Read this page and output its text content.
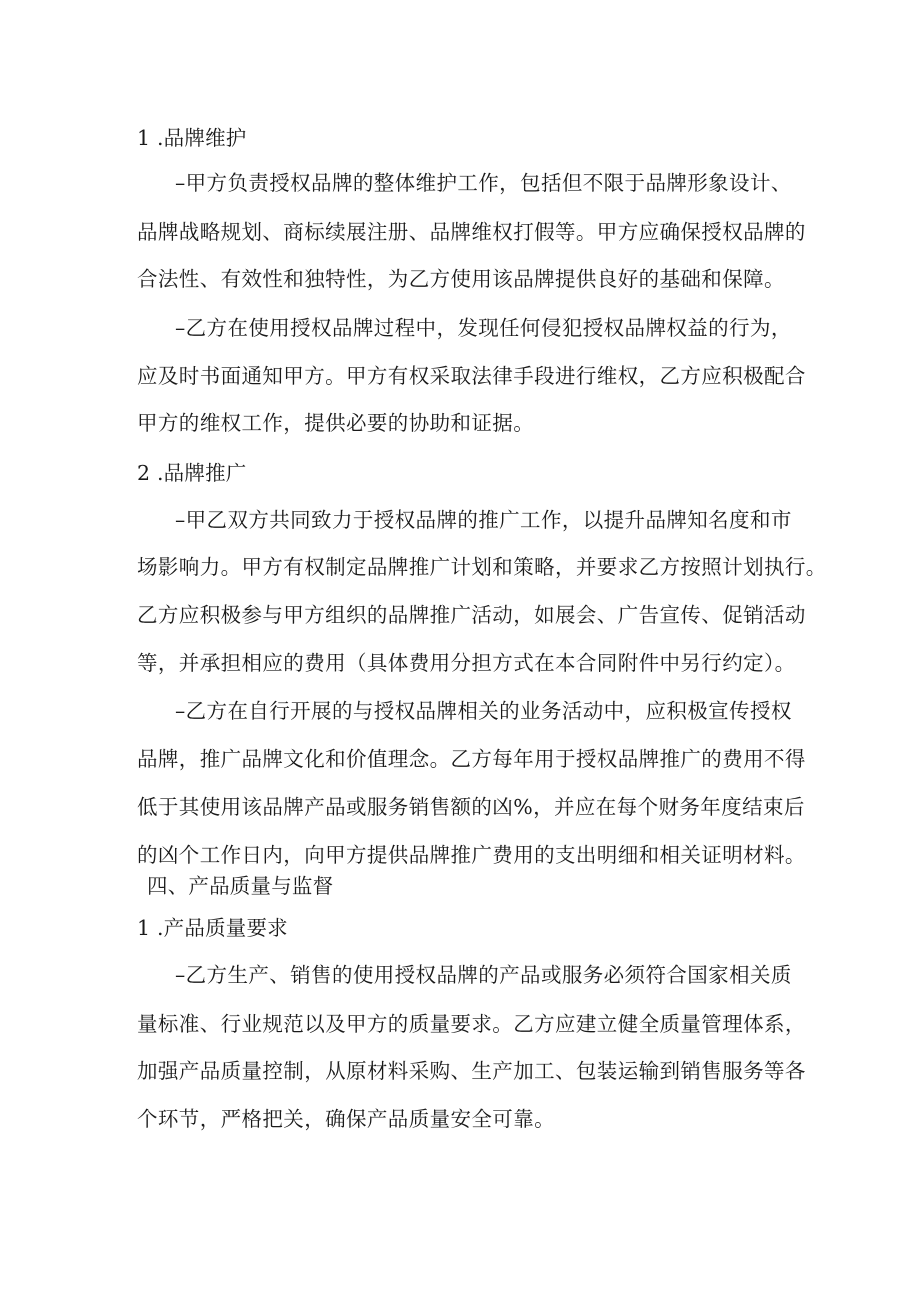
1 .品牌维护
–甲方负责授权品牌的整体维护工作，包括但不限于品牌形象设计、
品牌战略规划、商标续展注册、品牌维权打假等。甲方应确保授权品牌的
合法性、有效性和独特性，为乙方使用该品牌提供良好的基础和保障。
–乙方在使用授权品牌过程中，发现任何侵犯授权品牌权益的行为，
应及时书面通知甲方。甲方有权采取法律手段进行维权，乙方应积极配合
甲方的维权工作，提供必要的协助和证据。
2 .品牌推广
–甲乙双方共同致力于授权品牌的推广工作，以提升品牌知名度和市
场影响力。甲方有权制定品牌推广计划和策略，并要求乙方按照计划执行。
乙方应积极参与甲方组织的品牌推广活动，如展会、广告宣传、促销活动
等，并承担相应的费用（具体费用分担方式在本合同附件中另行约定）。
–乙方在自行开展的与授权品牌相关的业务活动中，应积极宣传授权
品牌，推广品牌文化和价值理念。乙方每年用于授权品牌推广的费用不得
低于其使用该品牌产品或服务销售额的凶%，并应在每个财务年度结束后
的凶个工作日内，向甲方提供品牌推广费用的支出明细和相关证明材料。
四、产品质量与监督
1 .产品质量要求
–乙方生产、销售的使用授权品牌的产品或服务必须符合国家相关质
量标准、行业规范以及甲方的质量要求。乙方应建立健全质量管理体系，
加强产品质量控制，从原材料采购、生产加工、包装运输到销售服务等各
个环节，严格把关，确保产品质量安全可靠。
